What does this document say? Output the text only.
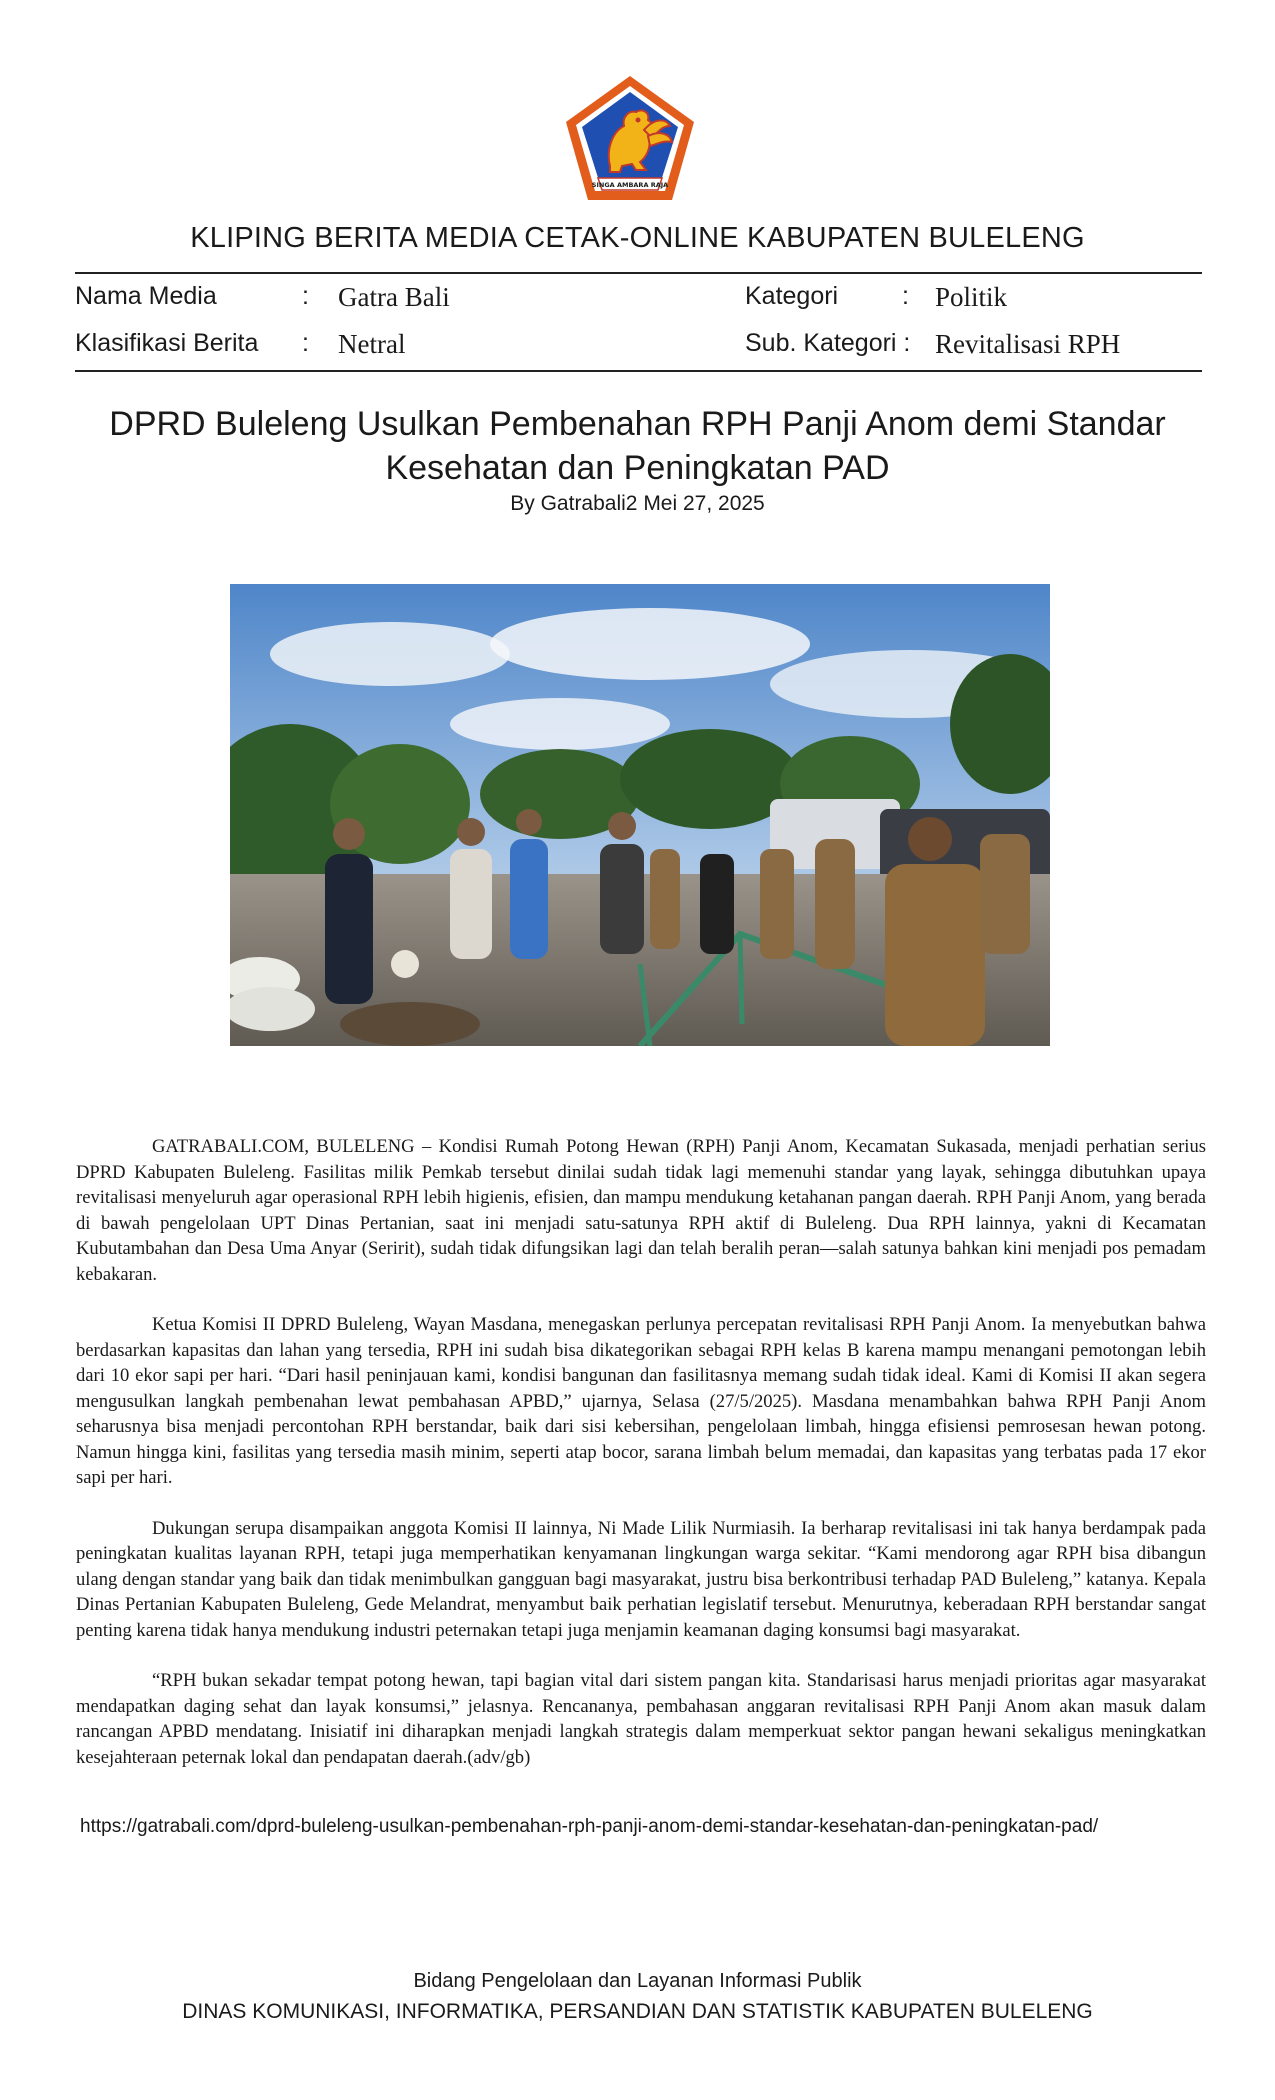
SINGA AMBARA RAJA
KLIPING BERITA MEDIA CETAK-ONLINE KABUPATEN BULELENG
Nama Media	: Gatra Bali
Klasifikasi Berita : Netral
Kategori	: Politik
Sub. Kategori : Revitalisasi RPH
DPRD Buleleng Usulkan Pembenahan RPH Panji Anom demi Standar
Kesehatan dan Peningkatan PAD
By Gatrabali2 Mei 27, 2025

GATRABALI.COM, BULELENG – Kondisi Rumah Potong Hewan (RPH) Panji Anom, Kecamatan Sukasada, menjadi perhatian serius DPRD Kabupaten Buleleng. Fasilitas milik Pemkab tersebut dinilai sudah tidak lagi memenuhi standar yang layak, sehingga dibutuhkan upaya revitalisasi menyeluruh agar operasional RPH lebih higienis, efisien, dan mampu mendukung ketahanan pangan daerah. RPH Panji Anom, yang berada di bawah pengelolaan UPT Dinas Pertanian, saat ini menjadi satu-satunya RPH aktif di Buleleng. Dua RPH lainnya, yakni di Kecamatan Kubutambahan dan Desa Uma Anyar (Seririt), sudah tidak difungsikan lagi dan telah beralih peran—salah satunya bahkan kini menjadi pos pemadam kebakaran.

Ketua Komisi II DPRD Buleleng, Wayan Masdana, menegaskan perlunya percepatan revitalisasi RPH Panji Anom. Ia menyebutkan bahwa berdasarkan kapasitas dan lahan yang tersedia, RPH ini sudah bisa dikategorikan sebagai RPH kelas B karena mampu menangani pemotongan lebih dari 10 ekor sapi per hari. “Dari hasil peninjauan kami, kondisi bangunan dan fasilitasnya memang sudah tidak ideal. Kami di Komisi II akan segera mengusulkan langkah pembenahan lewat pembahasan APBD,” ujarnya, Selasa (27/5/2025). Masdana menambahkan bahwa RPH Panji Anom seharusnya bisa menjadi percontohan RPH berstandar, baik dari sisi kebersihan, pengelolaan limbah, hingga efisiensi pemrosesan hewan potong. Namun hingga kini, fasilitas yang tersedia masih minim, seperti atap bocor, sarana limbah belum memadai, dan kapasitas yang terbatas pada 17 ekor sapi per hari.

Dukungan serupa disampaikan anggota Komisi II lainnya, Ni Made Lilik Nurmiasih. Ia berharap revitalisasi ini tak hanya berdampak pada peningkatan kualitas layanan RPH, tetapi juga memperhatikan kenyamanan lingkungan warga sekitar. “Kami mendorong agar RPH bisa dibangun ulang dengan standar yang baik dan tidak menimbulkan gangguan bagi masyarakat, justru bisa berkontribusi terhadap PAD Buleleng,” katanya. Kepala Dinas Pertanian Kabupaten Buleleng, Gede Melandrat, menyambut baik perhatian legislatif tersebut. Menurutnya, keberadaan RPH berstandar sangat penting karena tidak hanya mendukung industri peternakan tetapi juga menjamin keamanan daging konsumsi bagi masyarakat.

“RPH bukan sekadar tempat potong hewan, tapi bagian vital dari sistem pangan kita. Standarisasi harus menjadi prioritas agar masyarakat mendapatkan daging sehat dan layak konsumsi,” jelasnya. Rencananya, pembahasan anggaran revitalisasi RPH Panji Anom akan masuk dalam rancangan APBD mendatang. Inisiatif ini diharapkan menjadi langkah strategis dalam memperkuat sektor pangan hewani sekaligus meningkatkan kesejahteraan peternak lokal dan pendapatan daerah.(adv/gb)

https://gatrabali.com/dprd-buleleng-usulkan-pembenahan-rph-panji-anom-demi-standar-kesehatan-dan-peningkatan-pad/
Bidang Pengelolaan dan Layanan Informasi Publik
DINAS KOMUNIKASI, INFORMATIKA, PERSANDIAN DAN STATISTIK KABUPATEN BULELENG
